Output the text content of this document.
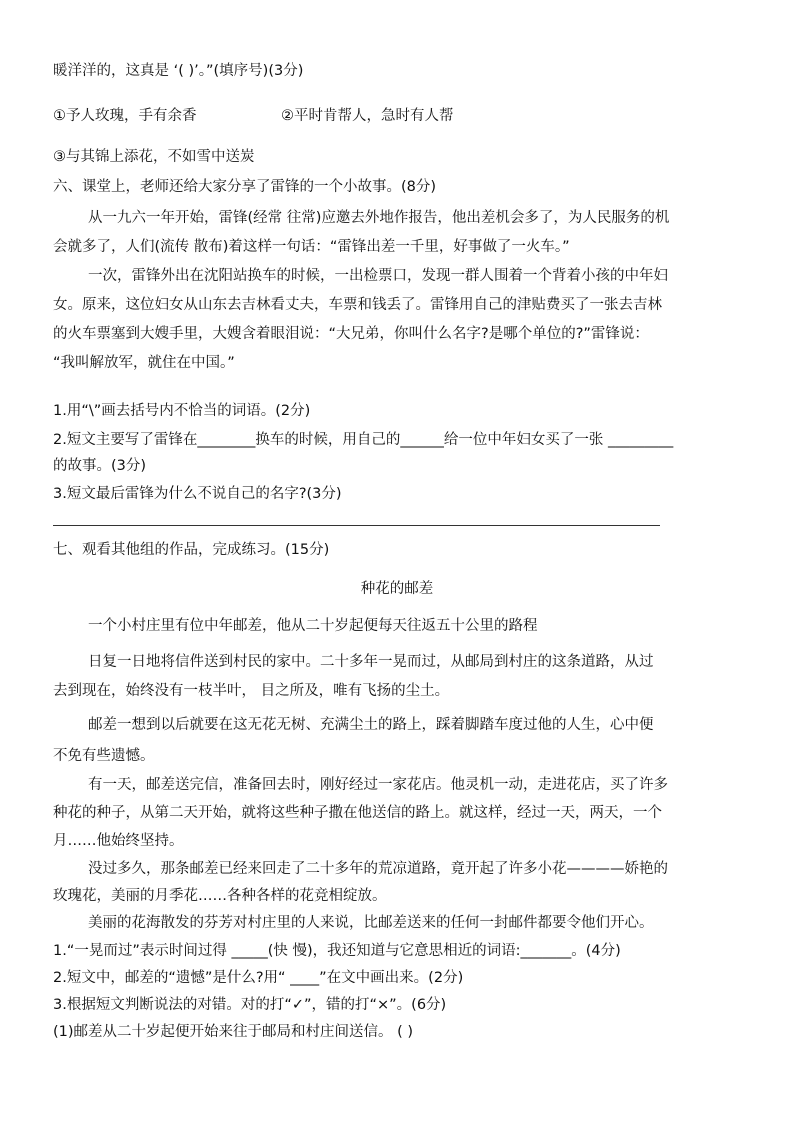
暖洋洋的，这真是 ‘( )’。”(填序号)(3分)
①予人玫瑰，手有余香	②平时肯帮人，急时有人帮
③与其锦上添花，不如雪中送炭
六、课堂上，老师还给大家分享了雷锋的一个小故事。(8分)
从一九六一年开始，雷锋(经常 往常)应邀去外地作报告，他出差机会多了，为人民服务的机
会就多了，人们(流传 散布)着这样一句话：“雷锋出差一千里，好事做了一火车。”
一次，雷锋外出在沈阳站换车的时候，一出检票口，发现一群人围着一个背着小孩的中年妇
女。原来，这位妇女从山东去吉林看丈夫，车票和钱丢了。雷锋用自己的津贴费买了一张去吉林
的火车票塞到大嫂手里，大嫂含着眼泪说：“大兄弟，你叫什么名字?是哪个单位的?”雷锋说：
“我叫解放军，就住在中国。”
1.用“\”画去括号内不恰当的词语。(2分)
2.短文主要写了雷锋在________换车的时候，用自己的______给一位中年妇女买了一张 _________
的故事。(3分)
3.短文最后雷锋为什么不说自己的名字?(3分)
七、观看其他组的作品，完成练习。(15分)
种花的邮差
一个小村庄里有位中年邮差，他从二十岁起便每天往返五十公里的路程
日复一日地将信件送到村民的家中。二十多年一晃而过，从邮局到村庄的这条道路，从过
去到现在，始终没有一枝半叶， 目之所及，唯有飞扬的尘土。
邮差一想到以后就要在这无花无树、充满尘土的路上，踩着脚踏车度过他的人生，心中便
不免有些遗憾。
有一天，邮差送完信，准备回去时，刚好经过一家花店。他灵机一动，走进花店，买了许多
种花的种子，从第二天开始，就将这些种子撒在他送信的路上。就这样，经过一天，两天，一个
月……他始终坚持。
没过多久，那条邮差已经来回走了二十多年的荒凉道路，竟开起了许多小花————娇艳的
玫瑰花，美丽的月季花……各种各样的花竞相绽放。
美丽的花海散发的芬芳对村庄里的人来说，比邮差送来的任何一封邮件都要令他们开心。
1.“一晃而过”表示时间过得 _____(快 慢)，我还知道与它意思相近的词语:_______。(4分)
2.短文中，邮差的“遗憾”是什么?用“ ____”在文中画出来。(2分)
3.根据短文判断说法的对错。对的打“✓”，错的打“×”。(6分)
(1)邮差从二十岁起便开始来往于邮局和村庄间送信。 ( )
